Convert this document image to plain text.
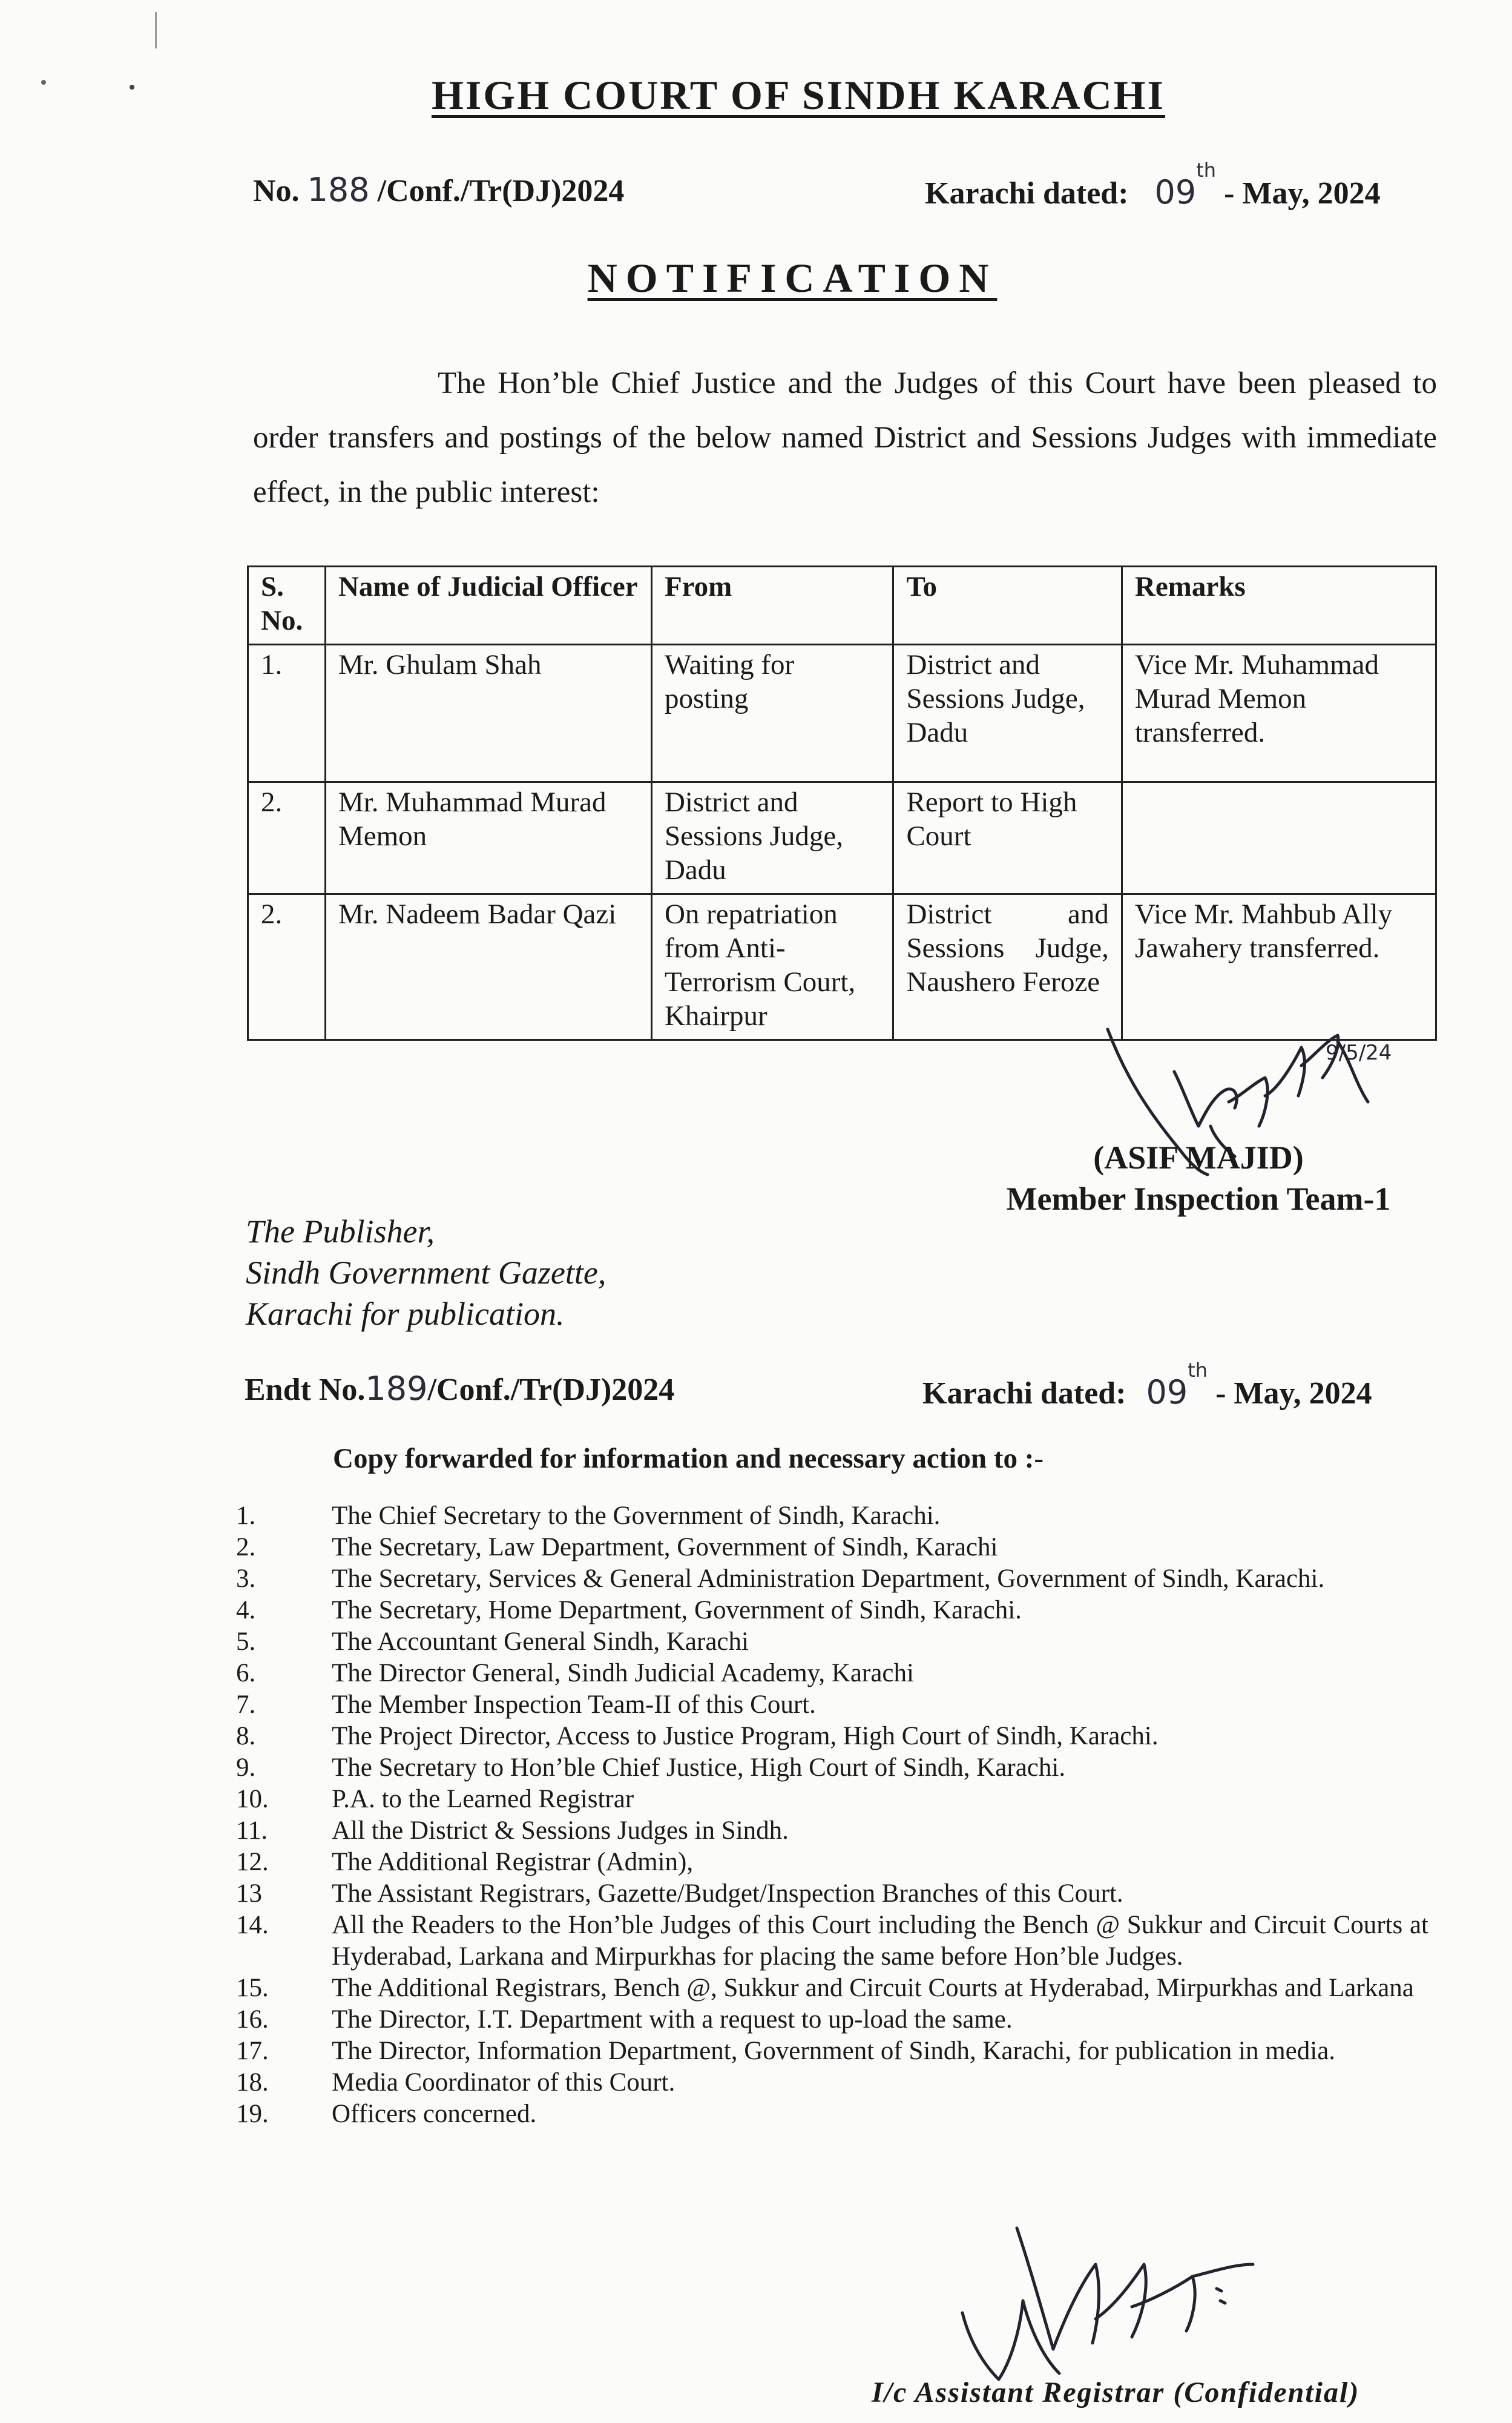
HIGH COURT OF SINDH KARACHI
No. 188 /Conf./Tr(DJ)2024	Karachi dated: 09th - May, 2024
NOTIFICATION

The Hon’ble Chief Justice and the Judges of this Court have been pleased to order transfers and postings of the below named District and Sessions Judges with immediate effect, in the public interest:

S. No.	Name of Judicial Officer	From	To	Remarks
1.	Mr. Ghulam Shah	Waiting for posting	District and Sessions Judge, Dadu	Vice Mr. Muhammad Murad Memon transferred.
2.	Mr. Muhammad Murad Memon	District and Sessions Judge, Dadu	Report to High Court	
2.	Mr. Nadeem Badar Qazi	On repatriation from Anti-Terrorism Court, Khairpur	District and Sessions Judge, Naushero Feroze	Vice Mr. Mahbub Ally Jawahery transferred.
9/5/24
(ASIF MAJID)
Member Inspection Team-1
The Publisher,
Sindh Government Gazette,
Karachi for publication.
Endt No.189/Conf./Tr(DJ)2024	Karachi dated: 09th - May, 2024
Copy forwarded for information and necessary action to :-
1.	The Chief Secretary to the Government of Sindh, Karachi.
2.	The Secretary, Law Department, Government of Sindh, Karachi
3.	The Secretary, Services & General Administration Department, Government of Sindh, Karachi.
4.	The Secretary, Home Department, Government of Sindh, Karachi.
5.	The Accountant General Sindh, Karachi
6.	The Director General, Sindh Judicial Academy, Karachi
7.	The Member Inspection Team-II of this Court.
8.	The Project Director, Access to Justice Program, High Court of Sindh, Karachi.
9.	The Secretary to Hon’ble Chief Justice, High Court of Sindh, Karachi.
10.	P.A. to the Learned Registrar
11.	All the District & Sessions Judges in Sindh.
12.	The Additional Registrar (Admin),
13	The Assistant Registrars, Gazette/Budget/Inspection Branches of this Court.
14.	All the Readers to the Hon’ble Judges of this Court including the Bench @ Sukkur and Circuit Courts at Hyderabad, Larkana and Mirpurkhas for placing the same before Hon’ble Judges.
15.	The Additional Registrars, Bench @, Sukkur and Circuit Courts at Hyderabad, Mirpurkhas and Larkana
16.	The Director, I.T. Department with a request to up-load the same.
17.	The Director, Information Department, Government of Sindh, Karachi, for publication in media.
18.	Media Coordinator of this Court.
19.	Officers concerned.
I/c Assistant Registrar (Confidential)
